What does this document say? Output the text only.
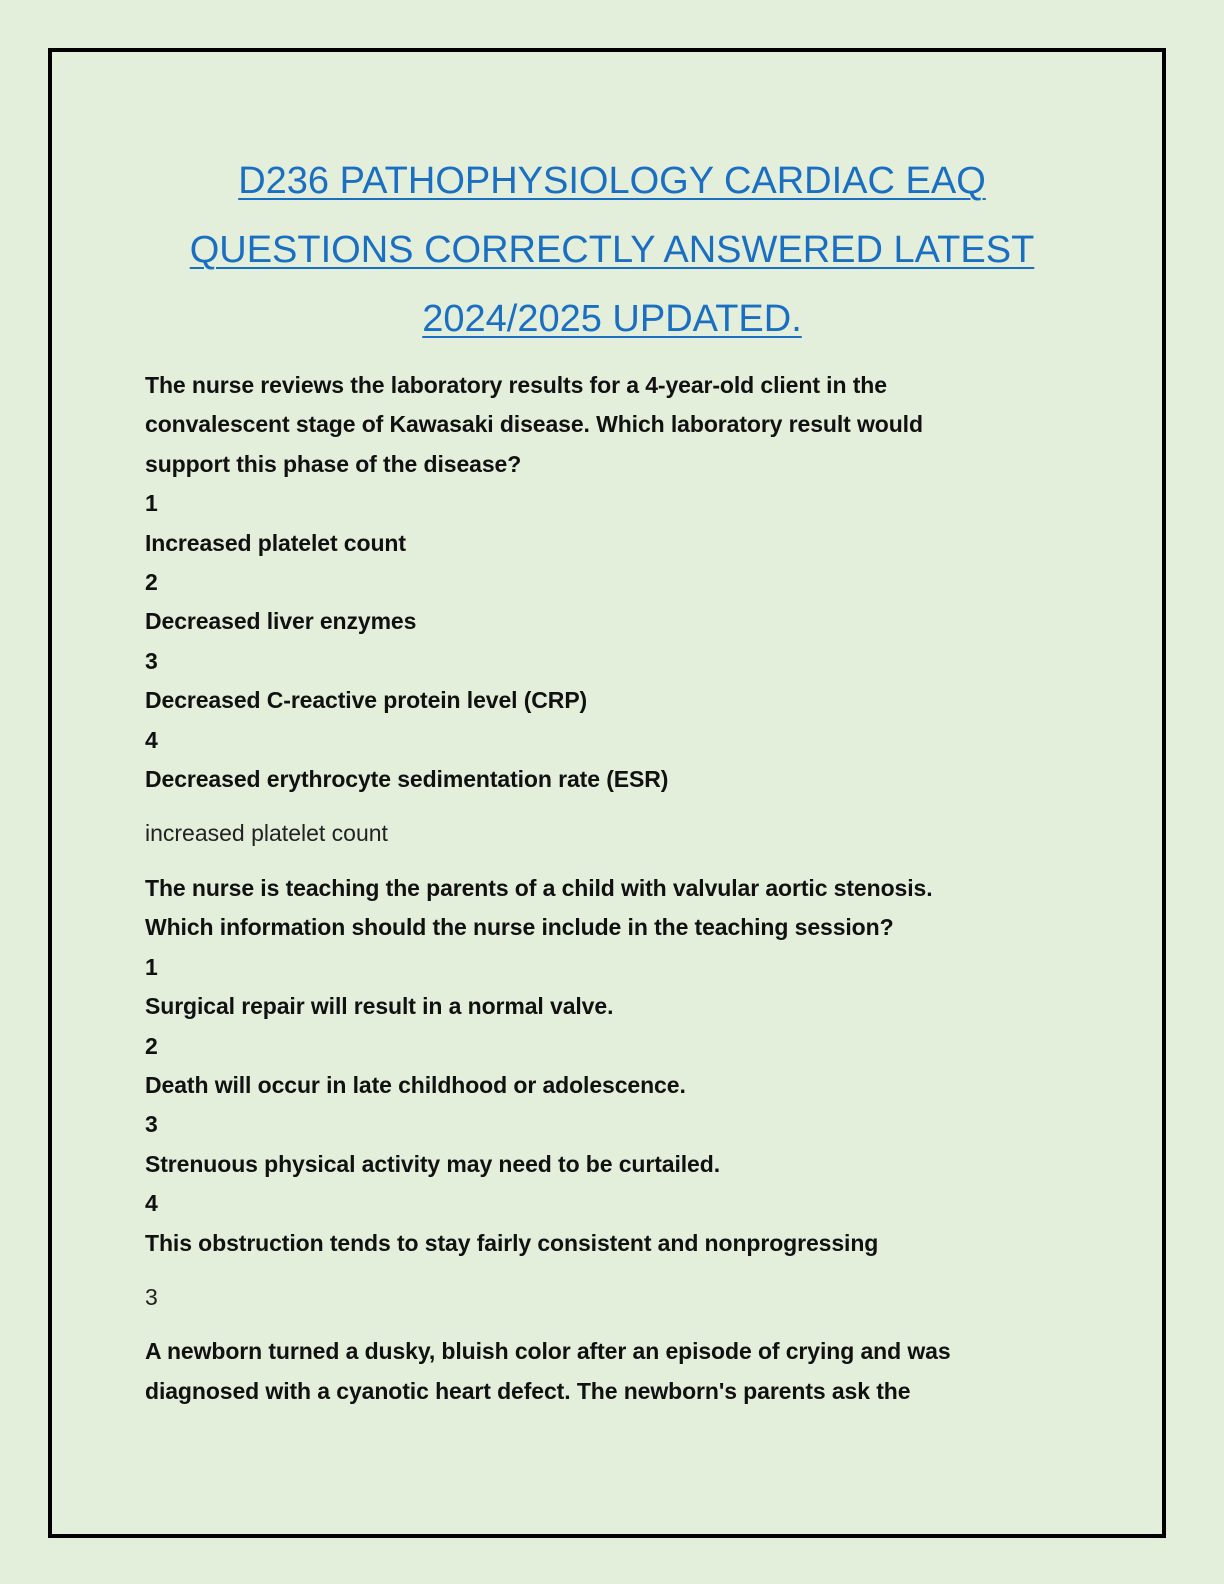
D236 PATHOPHYSIOLOGY CARDIAC EAQ
QUESTIONS CORRECTLY ANSWERED LATEST
2024/2025 UPDATED.
The nurse reviews the laboratory results for a 4-year-old client in the
convalescent stage of Kawasaki disease. Which laboratory result would
support this phase of the disease?
1
Increased platelet count
2
Decreased liver enzymes
3
Decreased C-reactive protein level (CRP)
4
Decreased erythrocyte sedimentation rate (ESR)
increased platelet count
The nurse is teaching the parents of a child with valvular aortic stenosis.
Which information should the nurse include in the teaching session?
1
Surgical repair will result in a normal valve.
2
Death will occur in late childhood or adolescence.
3
Strenuous physical activity may need to be curtailed.
4
This obstruction tends to stay fairly consistent and nonprogressing
3
A newborn turned a dusky, bluish color after an episode of crying and was
diagnosed with a cyanotic heart defect. The newborn's parents ask the
